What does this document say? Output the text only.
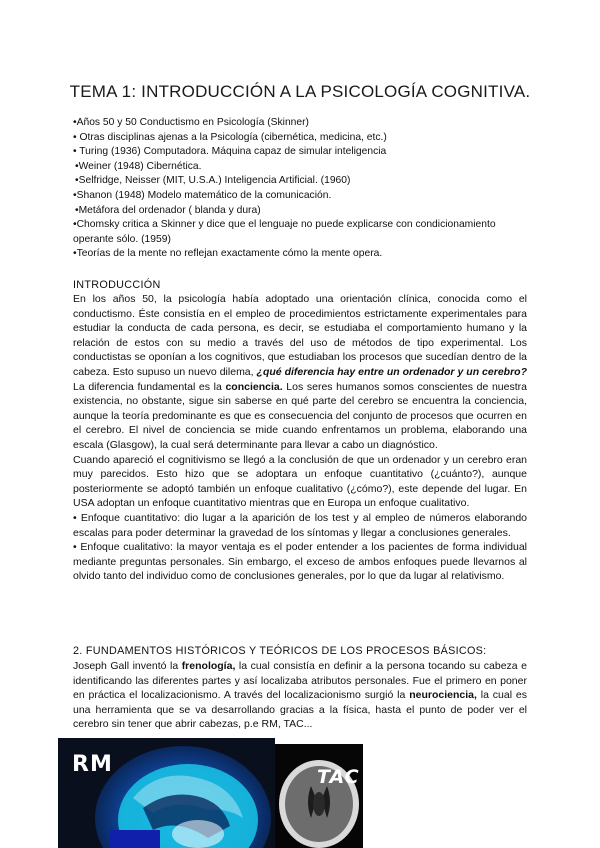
TEMA 1: INTRODUCCIÓN A LA PSICOLOGÍA COGNITIVA.
•Años 50 y 50 Conductismo en Psicología (Skinner)
• Otras disciplinas ajenas a la Psicología (cibernética, medicina, etc.)
• Turing (1936) Computadora. Máquina capaz de simular inteligencia
•Weiner (1948) Cibernética.
•Selfridge, Neisser (MIT, U.S.A.) Inteligencia Artificial. (1960)
•Shanon (1948) Modelo matemático de la comunicación.
•Metáfora del ordenador ( blanda y dura)
•Chomsky critica a Skinner y dice que el lenguaje no puede explicarse con condicionamiento operante sólo. (1959)
•Teorías de la mente no reflejan exactamente cómo la mente opera.
INTRODUCCIÓN

En los años 50, la psicología había adoptado una orientación clínica, conocida como el conductismo. Éste consistía en el empleo de procedimientos estrictamente experimentales para estudiar la conducta de cada persona, es decir, se estudiaba el comportamiento humano y la relación de estos con su medio a través del uso de métodos de tipo experimental. Los conductistas se oponían a los cognitivos, que estudiaban los procesos que sucedían dentro de la cabeza. Esto supuso un nuevo dilema, ¿qué diferencia hay entre un ordenador y un cerebro? La diferencia fundamental es la conciencia. Los seres humanos somos conscientes de nuestra existencia, no obstante, sigue sin saberse en qué parte del cerebro se encuentra la conciencia, aunque la teoría predominante es que es consecuencia del conjunto de procesos que ocurren en el cerebro. El nivel de conciencia se mide cuando enfrentamos un problema, elaborando una escala (Glasgow), la cual será determinante para llevar a cabo un diagnóstico.

Cuando apareció el cognitivismo se llegó a la conclusión de que un ordenador y un cerebro eran muy parecidos. Esto hizo que se adoptara un enfoque cuantitativo (¿cuánto?), aunque posteriormente se adoptó también un enfoque cualitativo (¿cómo?), este depende del lugar. En USA adoptan un enfoque cuantitativo mientras que en Europa un enfoque cualitativo.

• Enfoque cuantitativo: dio lugar a la aparición de los test y al empleo de números elaborando escalas para poder determinar la gravedad de los síntomas y llegar a conclusiones generales.

• Enfoque cualitativo: la mayor ventaja es el poder entender a los pacientes de forma individual mediante preguntas personales. Sin embargo, el exceso de ambos enfoques puede llevarnos al olvido tanto del individuo como de conclusiones generales, por lo que da lugar al relativismo.

2. FUNDAMENTOS HISTÓRICOS Y TEÓRICOS DE LOS PROCESOS BÁSICOS:

Joseph Gall inventó la frenología, la cual consistía en definir a la persona tocando su cabeza e identificando las diferentes partes y así localizaba atributos personales. Fue el primero en poner en práctica el localizacionismo. A través del localizacionismo surgió la neurociencia, la cual es una herramienta que se va desarrollando gracias a la física, hasta el punto de poder ver el cerebro sin tener que abrir cabezas, p.e RM, TAC...

RM	TAC
